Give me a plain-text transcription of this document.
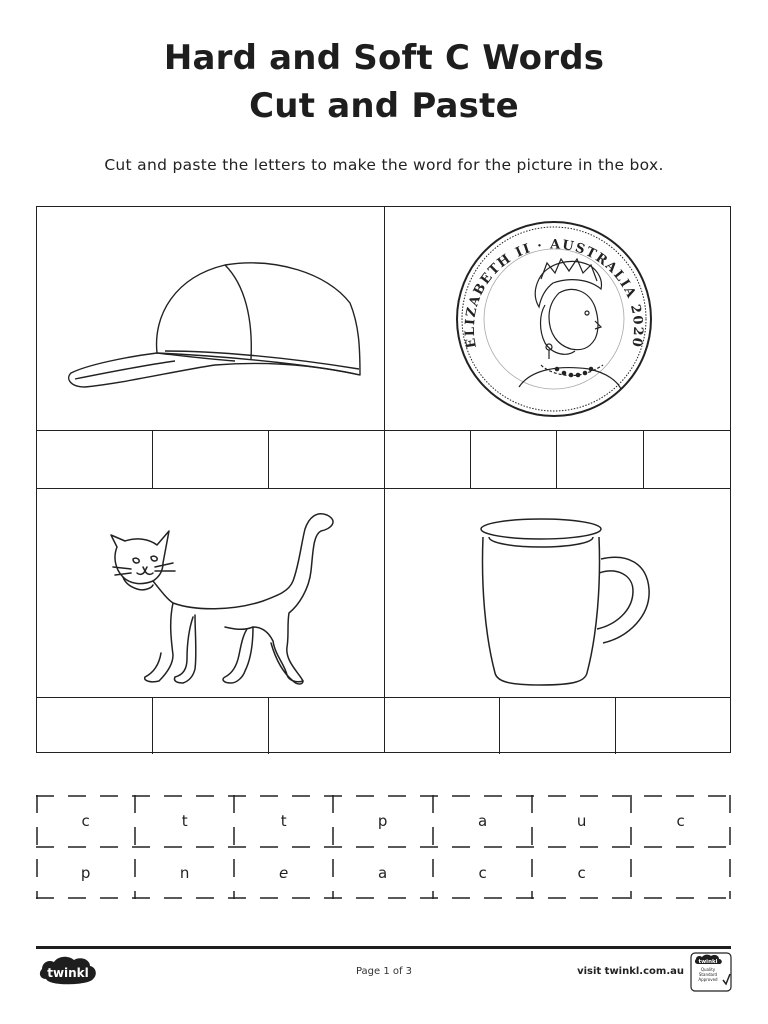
Hard and Soft C Words
Cut and Paste
Cut and paste the letters to make the word for the picture in the box.
ELIZABETH II · AUSTRALIA 2020
c	t	t	p	a	u	c
p	n	e	a	c	c
twinkl	Page 1 of 3	visit twinkl.com.au
twinkl
Quality Standard Approved
